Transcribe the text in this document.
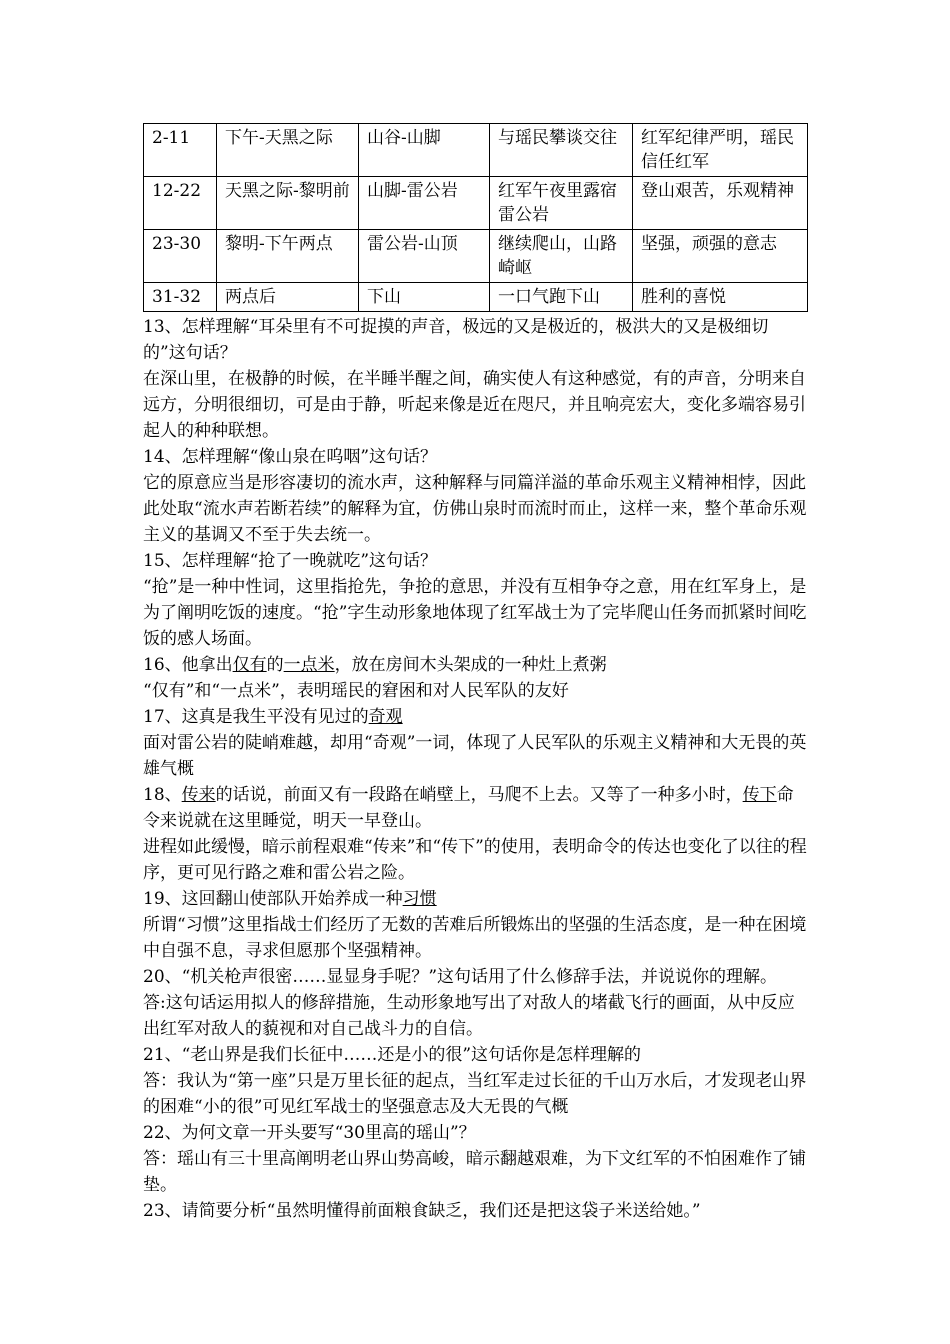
2-11	下午-天黑之际	山谷-山脚	与瑶民攀谈交往	红军纪律严明，瑶民信任红军
12-22	天黑之际-黎明前	山脚-雷公岩	红军午夜里露宿雷公岩	登山艰苦，乐观精神
23-30	黎明-下午两点	雷公岩-山顶	继续爬山，山路崎岖	坚强，顽强的意志
31-32	两点后	下山	一口气跑下山	胜利的喜悦

13、怎样理解“耳朵里有不可捉摸的声音，极远的又是极近的，极洪大的又是极细切的”这句话？

在深山里，在极静的时候，在半睡半醒之间，确实使人有这种感觉，有的声音，分明来自远方，分明很细切，可是由于静，听起来像是近在咫尺，并且响亮宏大，变化多端容易引起人的种种联想。

14、怎样理解“像山泉在呜咽”这句话？

它的原意应当是形容凄切的流水声，这种解释与同篇洋溢的革命乐观主义精神相悖，因此此处取“流水声若断若续”的解释为宜，仿佛山泉时而流时而止，这样一来，整个革命乐观主义的基调又不至于失去统一。

15、怎样理解“抢了一晚就吃”这句话？

“抢”是一种中性词，这里指抢先，争抢的意思，并没有互相争夺之意，用在红军身上，是为了阐明吃饭的速度。“抢”字生动形象地体现了红军战士为了完毕爬山任务而抓紧时间吃饭的感人场面。

16、他拿出仅有的一点米，放在房间木头架成的一种灶上煮粥

“仅有”和“一点米”，表明瑶民的窘困和对人民军队的友好

17、这真是我生平没有见过的奇观

面对雷公岩的陡峭难越，却用“奇观”一词，体现了人民军队的乐观主义精神和大无畏的英雄气概

18、传来的话说，前面又有一段路在峭壁上，马爬不上去。又等了一种多小时，传下命令来说就在这里睡觉，明天一早登山。

进程如此缓慢，暗示前程艰难“传来”和“传下”的使用，表明命令的传达也变化了以往的程序，更可见行路之难和雷公岩之险。

19、这回翻山使部队开始养成一种习惯

所谓“习惯”这里指战士们经历了无数的苦难后所锻炼出的坚强的生活态度，是一种在困境中自强不息，寻求但愿那个坚强精神。

20、“机关枪声很密……显显身手呢？”这句话用了什么修辞手法，并说说你的理解。

答:这句话运用拟人的修辞措施，生动形象地写出了对敌人的堵截飞行的画面，从中反应出红军对敌人的藐视和对自己战斗力的自信。

21、“老山界是我们长征中……还是小的很”这句话你是怎样理解的

答：我认为“第一座”只是万里长征的起点，当红军走过长征的千山万水后，才发现老山界的困难“小的很”可见红军战士的坚强意志及大无畏的气概

22、为何文章一开头要写“30里高的瑶山”？

答：瑶山有三十里高阐明老山界山势高峻，暗示翻越艰难，为下文红军的不怕困难作了铺垫。

23、请简要分析“虽然明懂得前面粮食缺乏，我们还是把这袋子米送给她。”
